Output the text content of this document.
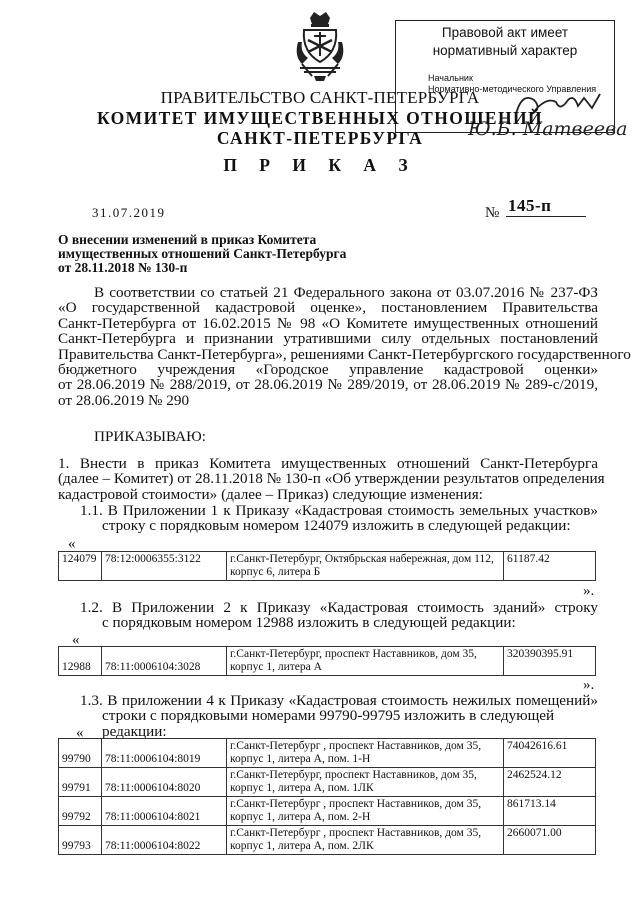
Правовой акт имеет
нормативный характер
Начальник
Нормативно-методического Управления
Ю.Б. Матвеева
ПРАВИТЕЛЬСТВО САНКТ-ПЕТЕРБУРГА
КОМИТЕТ ИМУЩЕСТВЕННЫХ ОТНОШЕНИЙ
САНКТ-ПЕТЕРБУРГА
П Р И К А З
31.07.2019	№ 145-п
О внесении изменений в приказ Комитета
имущественных отношений Санкт-Петербурга
от 28.11.2018 № 130-п
В соответствии со статьей 21 Федерального закона от 03.07.2016 № 237-ФЗ
«О государственной кадастровой оценке», постановлением Правительства
Санкт-Петербурга от 16.02.2015 № 98 «О Комитете имущественных отношений
Санкт-Петербурга и признании утратившими силу отдельных постановлений
Правительства Санкт-Петербурга», решениями Санкт-Петербургского государственного
бюджетного учреждения «Городское управление кадастровой оценки»
от 28.06.2019 № 288/2019, от 28.06.2019 № 289/2019, от 28.06.2019 № 289-с/2019,
от 28.06.2019 № 290
ПРИКАЗЫВАЮ:
1. Внести в приказ Комитета имущественных отношений Санкт-Петербурга
(далее – Комитет) от 28.11.2018 № 130-п «Об утверждении результатов определения
кадастровой стоимости» (далее – Приказ) следующие изменения:
1.1. В Приложении 1 к Приказу «Кадастровая стоимость земельных участков»
строку с порядковым номером 124079 изложить в следующей редакции:
«
124079	78:12:0006355:3122	г.Санкт-Петербург, Октябрьская набережная, дом 112, корпус 6, литера Б	61187.42
».
1.2. В Приложении 2 к Приказу «Кадастровая стоимость зданий» строку
с порядковым номером 12988 изложить в следующей редакции:
«
12988	78:11:0006104:3028	г.Санкт-Петербург, проспект Наставников, дом 35, корпус 1, литера А	320390395.91
».
1.3. В приложении 4 к Приказу «Кадастровая стоимость нежилых помещений»
строки с порядковыми номерами 99790-99795 изложить в следующей редакции:
«
99790	78:11:0006104:8019	г.Санкт-Петербург , проспект Наставников, дом 35, корпус 1, литера А, пом. 1-Н	74042616.61
99791	78:11:0006104:8020	г.Санкт-Петербург, проспект Наставников, дом 35, корпус 1, литера А, пом. 1ЛК	2462524.12
99792	78:11:0006104:8021	г.Санкт-Петербург , проспект Наставников, дом 35, корпус 1, литера А, пом. 2-Н	861713.14
99793	78:11:0006104:8022	г.Санкт-Петербург , проспект Наставников, дом 35, корпус 1, литера А, пом. 2ЛК	2660071.00
